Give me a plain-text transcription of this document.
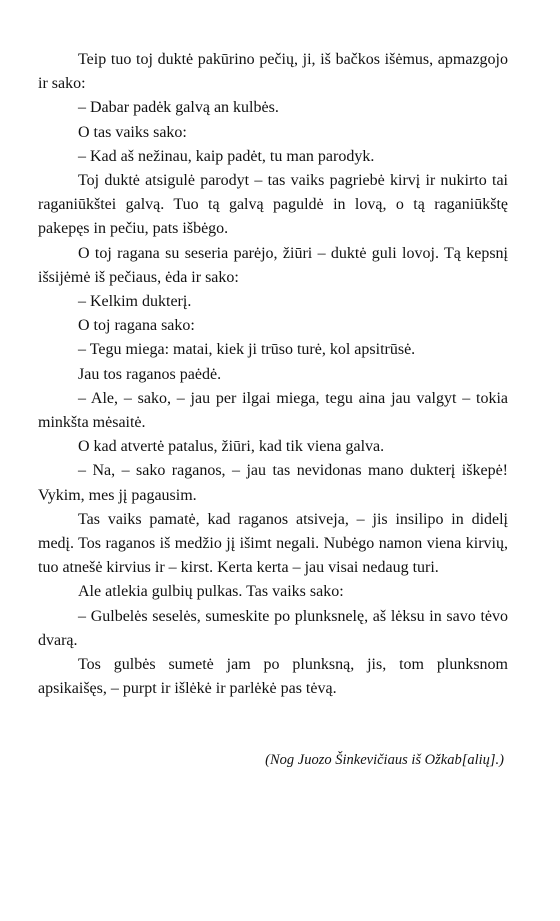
Teip tuo toj duktė pakūrino pečių, ji, iš bačkos išėmus, apmazgojo ir sako:

– Dabar padėk galvą an kulbės.

O tas vaiks sako:

– Kad aš nežinau, kaip padėt, tu man parodyk.

Toj duktė atsigulė parodyt – tas vaiks pagriebė kirvį ir nukirto tai raganiūkštei galvą. Tuo tą galvą paguldė in lovą, o tą raganiūkštę pakepęs in pečiu, pats išbėgo.

O toj ragana su seseria parėjo, žiūri – duktė guli lovoj. Tą kepsnį išsijėmė iš pečiaus, ėda ir sako:

– Kelkim dukterį.

O toj ragana sako:

– Tegu miega: matai, kiek ji trūso turė, kol apsitrūsė.

Jau tos raganos paėdė.

– Ale, – sako, – jau per ilgai miega, tegu aina jau valgyt – tokia minkšta mėsaitė.

O kad atvertė patalus, žiūri, kad tik viena galva.

– Na, – sako raganos, – jau tas nevidonas mano dukterį iškepė! Vykim, mes jį pagausim.

Tas vaiks pamatė, kad raganos atsiveja, – jis insilipo in didelį medį. Tos raganos iš medžio jį išimt negali. Nubėgo namon viena kirvių, tuo atnešė kirvius ir – kirst. Kerta kerta – jau visai nedaug turi.

Ale atlekia gulbių pulkas. Tas vaiks sako:

– Gulbelės seselės, sumeskite po plunksnelę, aš lėksu in savo tėvo dvarą.

Tos gulbės sumetė jam po plunksną, jis, tom plunksnom apsikaišęs, – purpt ir išlėkė ir parlėkė pas tėvą.

(Nog Juozo Šinkevičiaus iš Ožkab[alių].)
